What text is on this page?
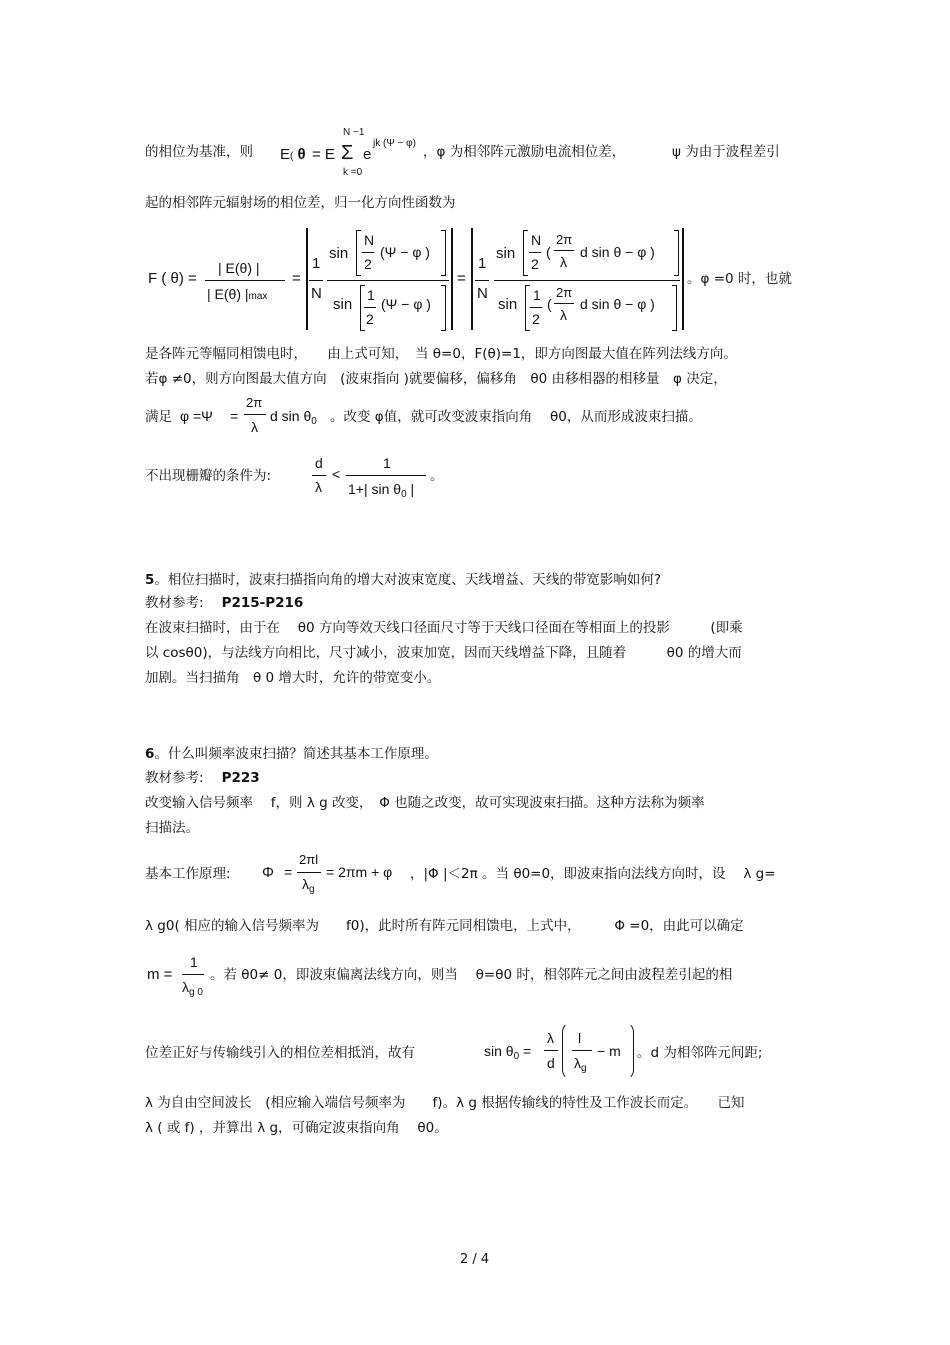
的相位为基准，则 E( θ = E Σ
N −1
k =0
e
jk (Ψ − φ)
，φ 为相邻阵元激励电流相位差，	ψ 为由于波程差引
起的相邻阵元辐射场的相位差，归一化方向性函数为
F ( θ) =
| E(θ) |
| E(θ) |max
=
1
N
sin
N
2
(Ψ − φ )
sin
1
2
(Ψ − φ )
=
1
N
sin
N
2
(
2π
λ
d sin θ − φ )
sin
1
2
(
2π
λ
d sin θ − φ )
。φ =0 时，也就
是各阵元等幅同相馈电时，　　由上式可知，　当 θ=0，F(θ)=1，即方向图最大值在阵列法线方向。
若φ ≠0，则方向图最大值方向　(波束指向 )就要偏移，偏移角　θ0 由移相器的相移量　φ 决定，
满足 φ =Ψ =
2π
λ
d $\sin \theta_0$ 。改变 φ值，就可改变波束指向角　 θ0，从而形成波束扫描。
不出现栅瓣的条件为:
d
λ
<
1
1+| $\sin \theta_0$ |
。
5。相位扫描时，波束扫描指向角的增大对波束宽度、天线增益、天线的带宽影响如何?
教材参考: P215-P216
在波束扫描时，由于在　 θ0 方向等效天线口径面尺寸等于天线口径面在等相面上的投影　　　(即乘
以 cosθ0)，与法线方向相比，尺寸减小，波束加宽，因而天线增益下降，且随着　　　θ0 的增大而
加剧。当扫描角　θ 0 增大时，允许的带宽变小。
6。什么叫频率波束扫描？简述其基本工作原理。
教材参考: P223
改变输入信号频率　 f，则 λ g 改变，　Φ 也随之改变，故可实现波束扫描。这种方法称为频率
扫描法。
基本工作原理: Φ =
2πl
$\lambda_g$
= 2πm + φ ，|Φ |＜2π 。当 θ0=0，即波束指向法线方向时，设　 λ g=
λ g0( 相应的输入信号频率为　　f0)，此时所有阵元同相馈电，上式中，　　　Φ =0，由此可以确定
m =
1
$\lambda_{g 0}$
。若 θ0≠ 0，即波束偏离法线方向，则当　 θ=θ0 时，相邻阵元之间由波程差引起的相
位差正好与传输线引入的相位差相抵消，故有	$\sin \theta_0$ =
λ
d
l
$\lambda_g$
− m 。d 为相邻阵元间距;
λ 为自由空间波长　(相应输入端信号频率为　　f)。λ g 根据传输线的特性及工作波长而定。　　已知
λ ( 或 f) ，并算出 λ g，可确定波束指向角　 θ0。
2 / 4
